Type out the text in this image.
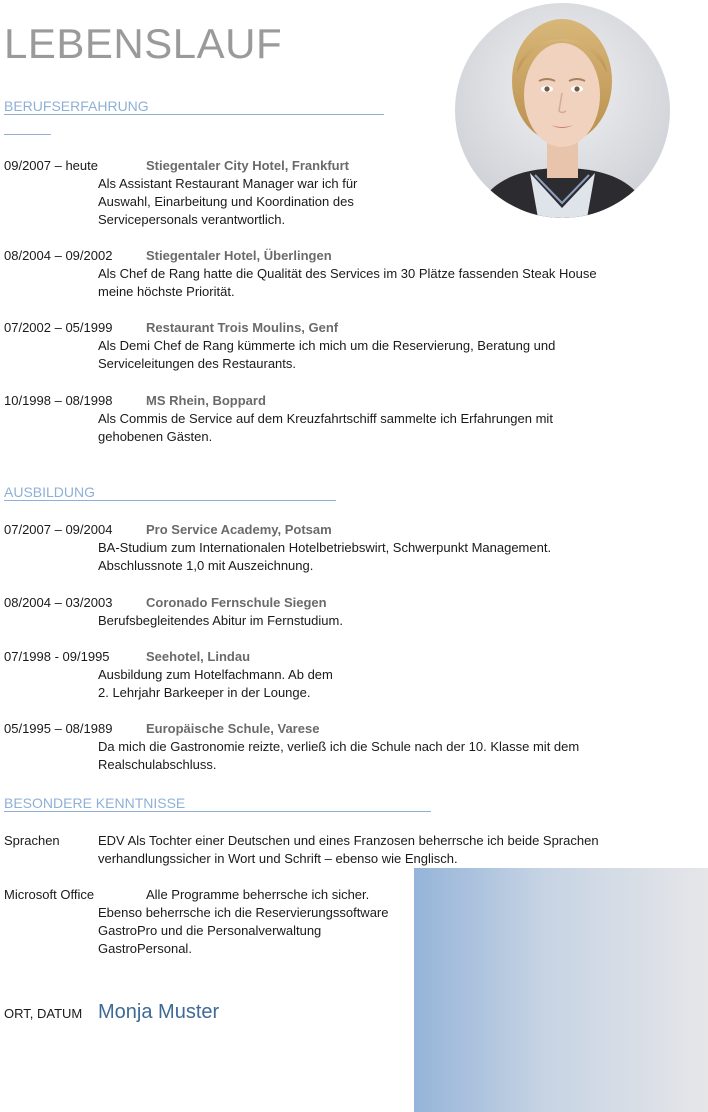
LEBENSLAUF
BERUFSERFAHRUNG
09/2007 – heute	Stiegentaler City Hotel, Frankfurt
Als Assistant Restaurant Manager war ich für
Auswahl, Einarbeitung und Koordination des
Servicepersonals verantwortlich.
08/2004 – 09/2002	Stiegentaler Hotel, Überlingen
Als Chef de Rang hatte die Qualität des Services im 30 Plätze fassenden Steak House
meine höchste Priorität.
07/2002 – 05/1999	Restaurant Trois Moulins, Genf
Als Demi Chef de Rang kümmerte ich mich um die Reservierung, Beratung und
Serviceleitungen des Restaurants.
10/1998 – 08/1998	MS Rhein, Boppard
Als Commis de Service auf dem Kreuzfahrtschiff sammelte ich Erfahrungen mit
gehobenen Gästen.
AUSBILDUNG
07/2007 – 09/2004	Pro Service Academy, Potsam
BA-Studium zum Internationalen Hotelbetriebswirt, Schwerpunkt Management.
Abschlussnote 1,0 mit Auszeichnung.
08/2004 – 03/2003	Coronado Fernschule Siegen
Berufsbegleitendes Abitur im Fernstudium.
07/1998 - 09/1995	Seehotel, Lindau
Ausbildung zum Hotelfachmann. Ab dem
2. Lehrjahr Barkeeper in der Lounge.
05/1995 – 08/1989	Europäische Schule, Varese
Da mich die Gastronomie reizte, verließ ich die Schule nach der 10. Klasse mit dem
Realschulabschluss.
BESONDERE KENNTNISSE
Sprachen	EDV Als Tochter einer Deutschen und eines Franzosen beherrsche ich beide Sprachen
verhandlungssicher in Wort und Schrift – ebenso wie Englisch.
Microsoft Office	Alle Programme beherrsche ich sicher.
Ebenso beherrsche ich die Reservierungssoftware
GastroPro und die Personalverwaltung
GastroPersonal.
ORT, DATUM Monja Muster
